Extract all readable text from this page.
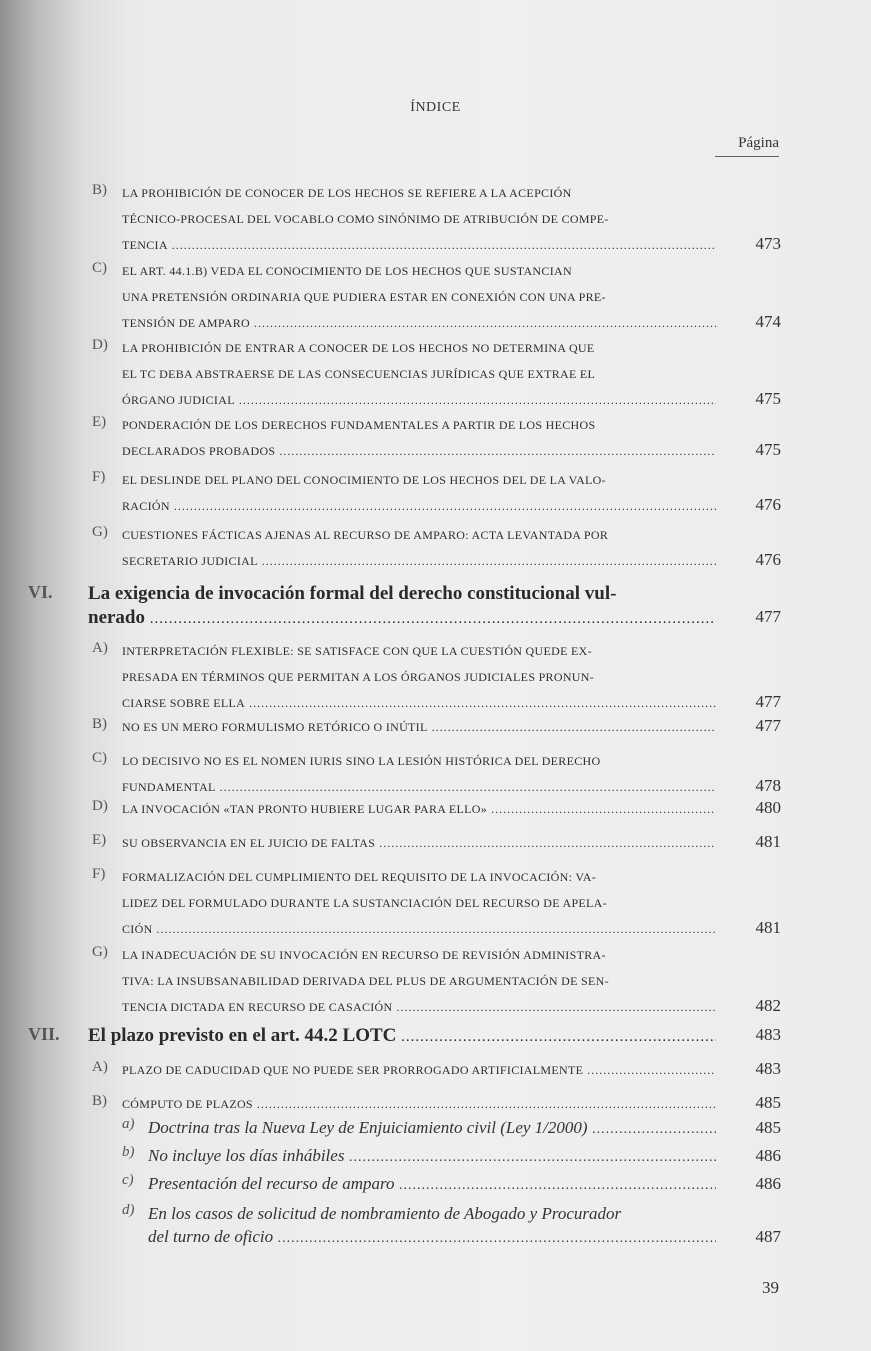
ÍNDICE
Página
B) LA PROHIBICIÓN DE CONOCER DE LOS HECHOS SE REFIERE A LA ACEPCIÓN
TÉCNICO-PROCESAL DEL VOCABLO COMO SINÓNIMO DE ATRIBUCIÓN DE COMPE-
TENCIA .....	473
C) EL ART. 44.1.B) VEDA EL CONOCIMIENTO DE LOS HECHOS QUE SUSTANCIAN
UNA PRETENSIÓN ORDINARIA QUE PUDIERA ESTAR EN CONEXIÓN CON UNA PRE-
TENSIÓN DE AMPARO .....	474
D) LA PROHIBICIÓN DE ENTRAR A CONOCER DE LOS HECHOS NO DETERMINA QUE
EL TC DEBA ABSTRAERSE DE LAS CONSECUENCIAS JURÍDICAS QUE EXTRAE EL
ÓRGANO JUDICIAL .....	475
E) PONDERACIÓN DE LOS DERECHOS FUNDAMENTALES A PARTIR DE LOS HECHOS
DECLARADOS PROBADOS .....	475
F) EL DESLINDE DEL PLANO DEL CONOCIMIENTO DE LOS HECHOS DEL DE LA VALO-
RACIÓN .....	476
G) CUESTIONES FÁCTICAS AJENAS AL RECURSO DE AMPARO: ACTA LEVANTADA POR
SECRETARIO JUDICIAL .....	476
VI. La exigencia de invocación formal del derecho constitucional vul-
nerado .....	477
A) INTERPRETACIÓN FLEXIBLE: SE SATISFACE CON QUE LA CUESTIÓN QUEDE EX-
PRESADA EN TÉRMINOS QUE PERMITAN A LOS ÓRGANOS JUDICIALES PRONUN-
CIARSE SOBRE ELLA .....	477
B) NO ES UN MERO FORMULISMO RETÓRICO O INÚTIL .....	477
C) LO DECISIVO NO ES EL NOMEN IURIS SINO LA LESIÓN HISTÓRICA DEL DERECHO
FUNDAMENTAL .....	478
D) LA INVOCACIÓN «TAN PRONTO HUBIERE LUGAR PARA ELLO» .....	480
E) SU OBSERVANCIA EN EL JUICIO DE FALTAS .....	481
F) FORMALIZACIÓN DEL CUMPLIMIENTO DEL REQUISITO DE LA INVOCACIÓN: VA-
LIDEZ DEL FORMULADO DURANTE LA SUSTANCIACIÓN DEL RECURSO DE APELA-
CIÓN .....	481
G) LA INADECUACIÓN DE SU INVOCACIÓN EN RECURSO DE REVISIÓN ADMINISTRA-
TIVA: LA INSUBSANABILIDAD DERIVADA DEL PLUS DE ARGUMENTACIÓN DE SEN-
TENCIA DICTADA EN RECURSO DE CASACIÓN .....	482
VII. El plazo previsto en el art. 44.2 LOTC .....	483
A) PLAZO DE CADUCIDAD QUE NO PUEDE SER PRORROGADO ARTIFICIALMENTE .....	483
B) CÓMPUTO DE PLAZOS .....	485
a) Doctrina tras la Nueva Ley de Enjuiciamiento civil (Ley 1/2000) .....	485
b) No incluye los días inhábiles .....	486
c) Presentación del recurso de amparo .....	486
d) En los casos de solicitud de nombramiento de Abogado y Procurador
del turno de oficio .....	487
39
